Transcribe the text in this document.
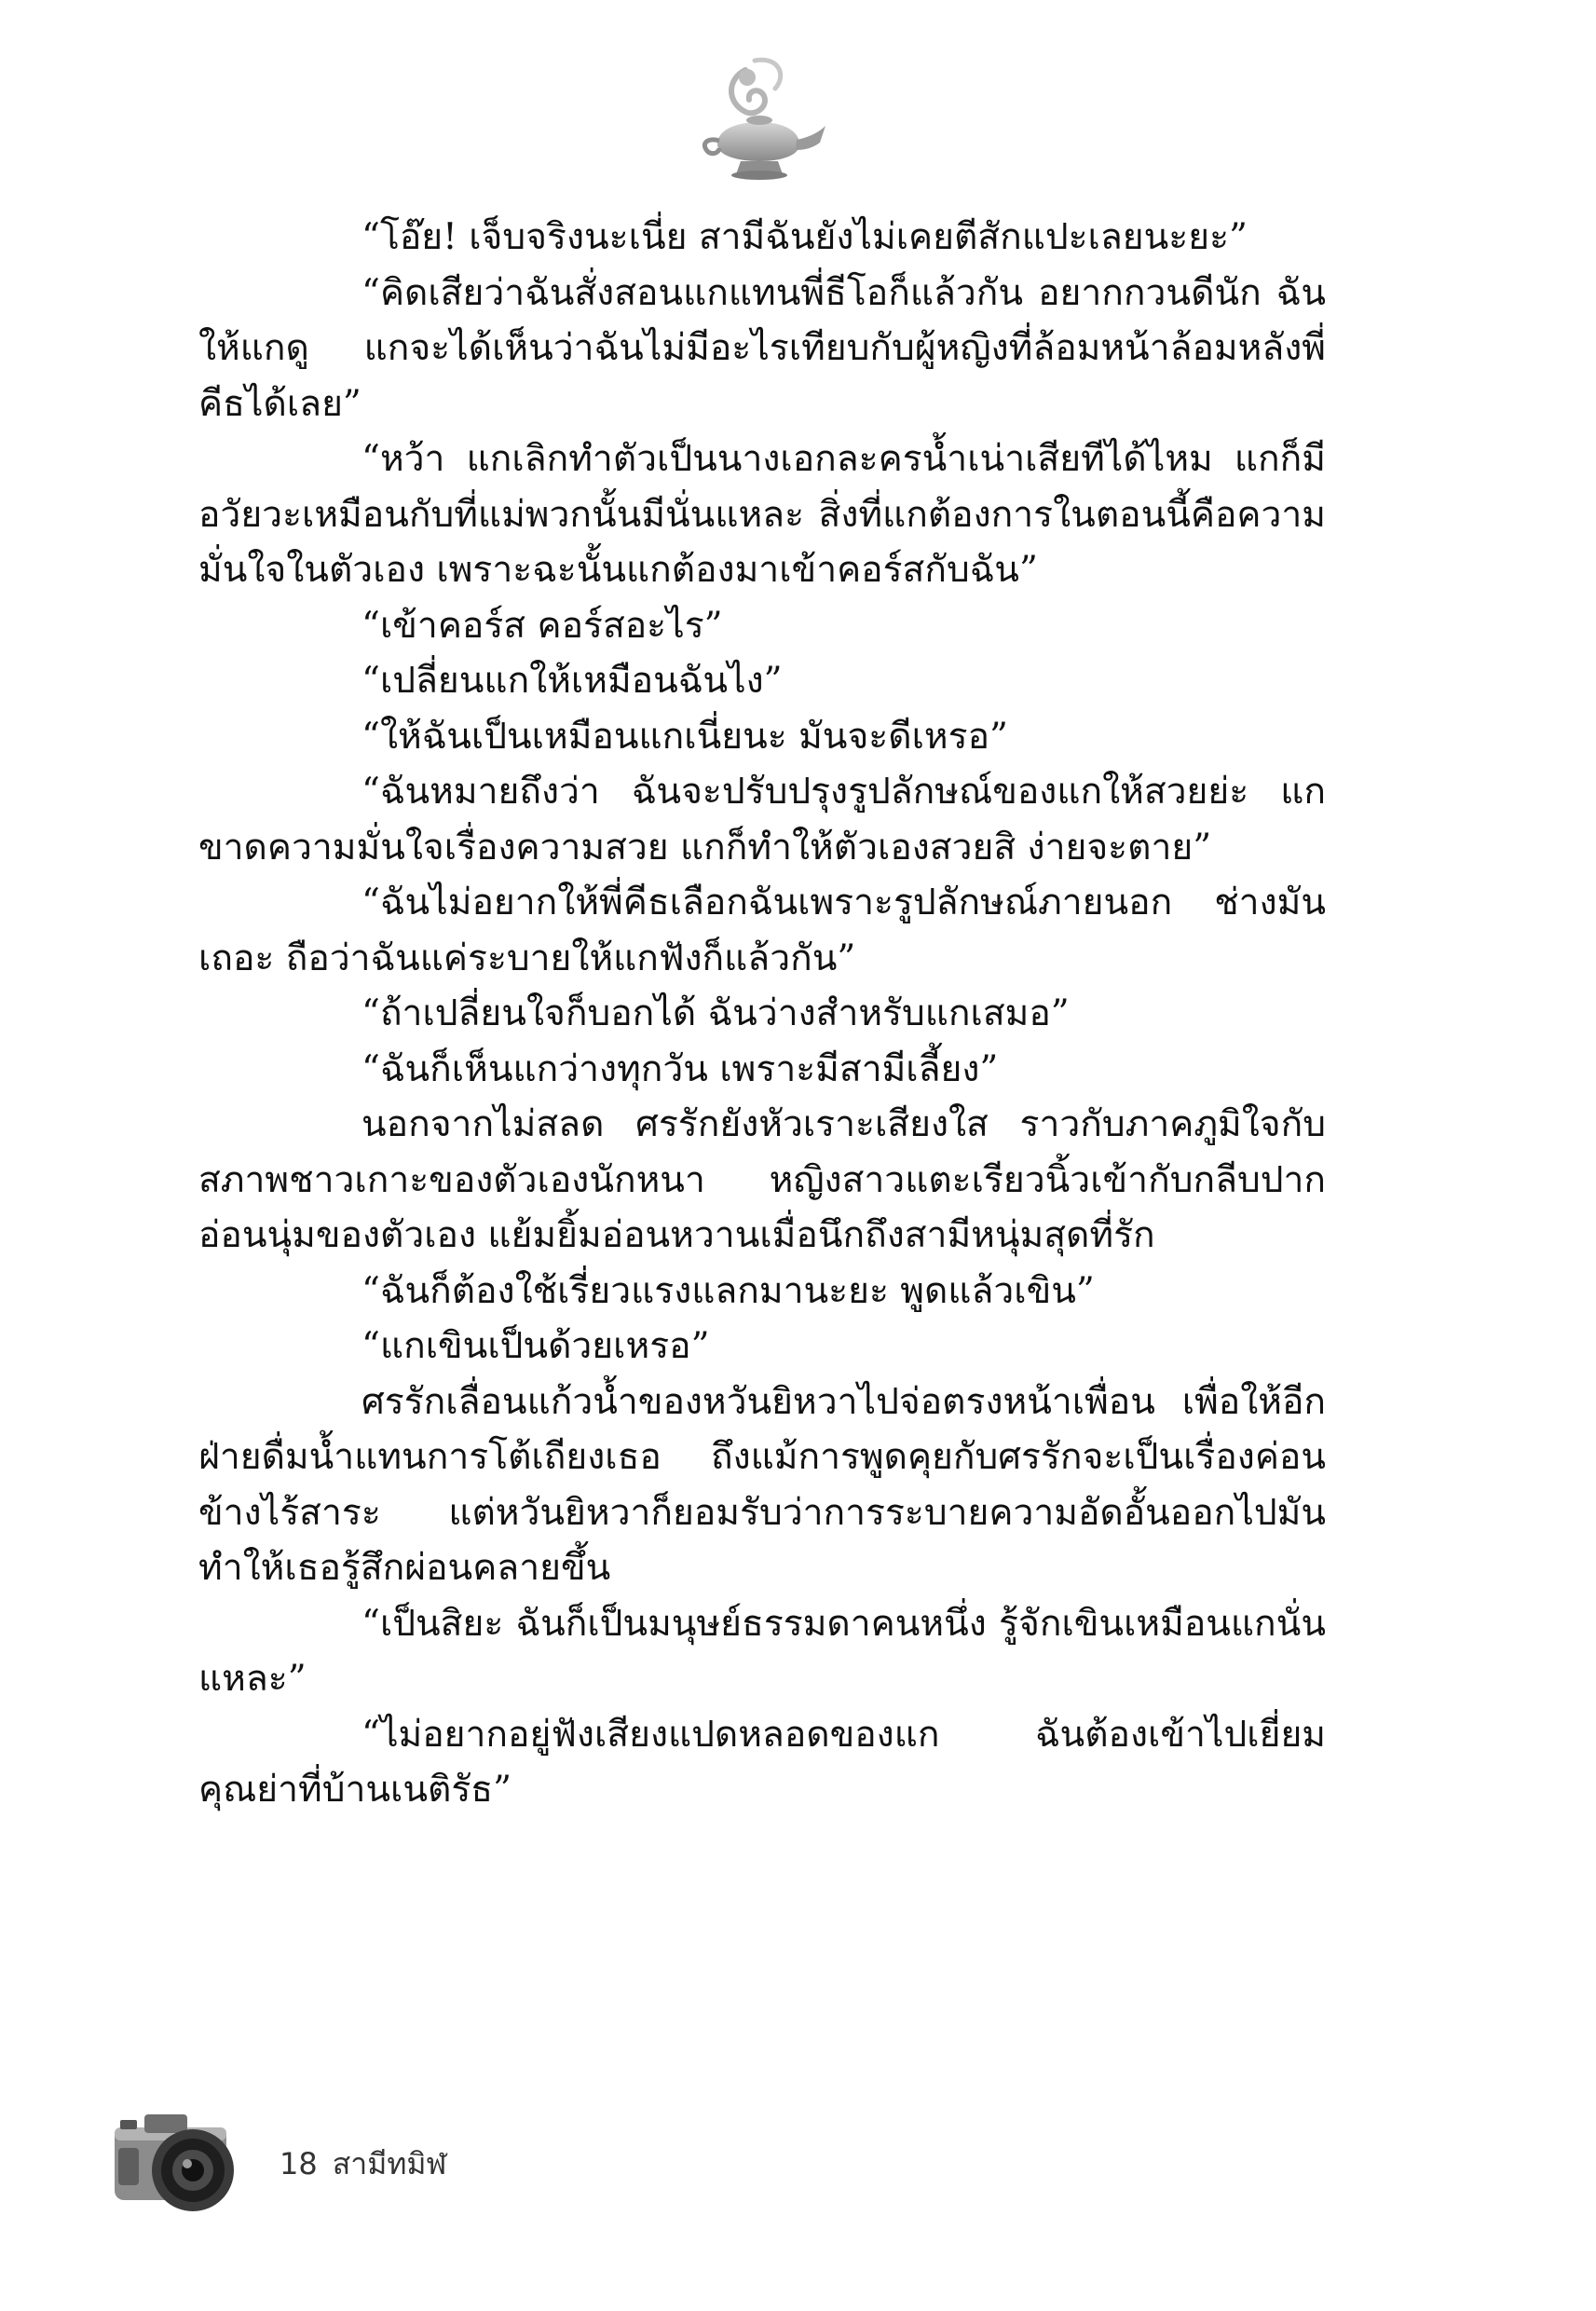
“โอ๊ย! เจ็บจริงนะเนี่ย สามีฉันยังไม่เคยตีสักแปะเลยนะยะ”

“คิดเสียว่าฉันสั่งสอนแกแทนพี่ธีโอก็แล้วกัน อยากกวนดีนัก ฉันให้แกดู แกจะได้เห็นว่าฉันไม่มีอะไรเทียบกับผู้หญิงที่ล้อมหน้าล้อมหลังพี่คีธได้เลย”

“หว้า แกเลิกทำตัวเป็นนางเอกละครน้ำเน่าเสียทีได้ไหม แกก็มีอวัยวะเหมือนกับที่แม่พวกนั้นมีนั่นแหละ สิ่งที่แกต้องการในตอนนี้คือความมั่นใจในตัวเอง เพราะฉะนั้นแกต้องมาเข้าคอร์สกับฉัน”

“เข้าคอร์ส คอร์สอะไร”

“เปลี่ยนแกให้เหมือนฉันไง”

“ให้ฉันเป็นเหมือนแกเนี่ยนะ มันจะดีเหรอ”

“ฉันหมายถึงว่า ฉันจะปรับปรุงรูปลักษณ์ของแกให้สวยย่ะ แกขาดความมั่นใจเรื่องความสวย แกก็ทำให้ตัวเองสวยสิ ง่ายจะตาย”

“ฉันไม่อยากให้พี่คีธเลือกฉันเพราะรูปลักษณ์ภายนอก ช่างมันเถอะ ถือว่าฉันแค่ระบายให้แกฟังก็แล้วกัน”

“ถ้าเปลี่ยนใจก็บอกได้ ฉันว่างสำหรับแกเสมอ”

“ฉันก็เห็นแกว่างทุกวัน เพราะมีสามีเลี้ยง”

นอกจากไม่สลด ศรรักยังหัวเราะเสียงใส ราวกับภาคภูมิใจกับสภาพชาวเกาะของตัวเองนักหนา หญิงสาวแตะเรียวนิ้วเข้ากับกลีบปากอ่อนนุ่มของตัวเอง แย้มยิ้มอ่อนหวานเมื่อนึกถึงสามีหนุ่มสุดที่รัก

“ฉันก็ต้องใช้เรี่ยวแรงแลกมานะยะ พูดแล้วเขิน”

“แกเขินเป็นด้วยเหรอ”

ศรรักเลื่อนแก้วน้ำของหวันยิหวาไปจ่อตรงหน้าเพื่อน เพื่อให้อีกฝ่ายดื่มน้ำแทนการโต้เถียงเธอ ถึงแม้การพูดคุยกับศรรักจะเป็นเรื่องค่อนข้างไร้สาระ แต่หวันยิหวาก็ยอมรับว่าการระบายความอัดอั้นออกไปมันทำให้เธอรู้สึกผ่อนคลายขึ้น

“เป็นสิยะ ฉันก็เป็นมนุษย์ธรรมดาคนหนึ่ง รู้จักเขินเหมือนแกนั่นแหละ”

“ไม่อยากอยู่ฟังเสียงแปดหลอดของแก ฉันต้องเข้าไปเยี่ยมคุณย่าที่บ้านเนติรัธ”

18 สามีทมิฬ
